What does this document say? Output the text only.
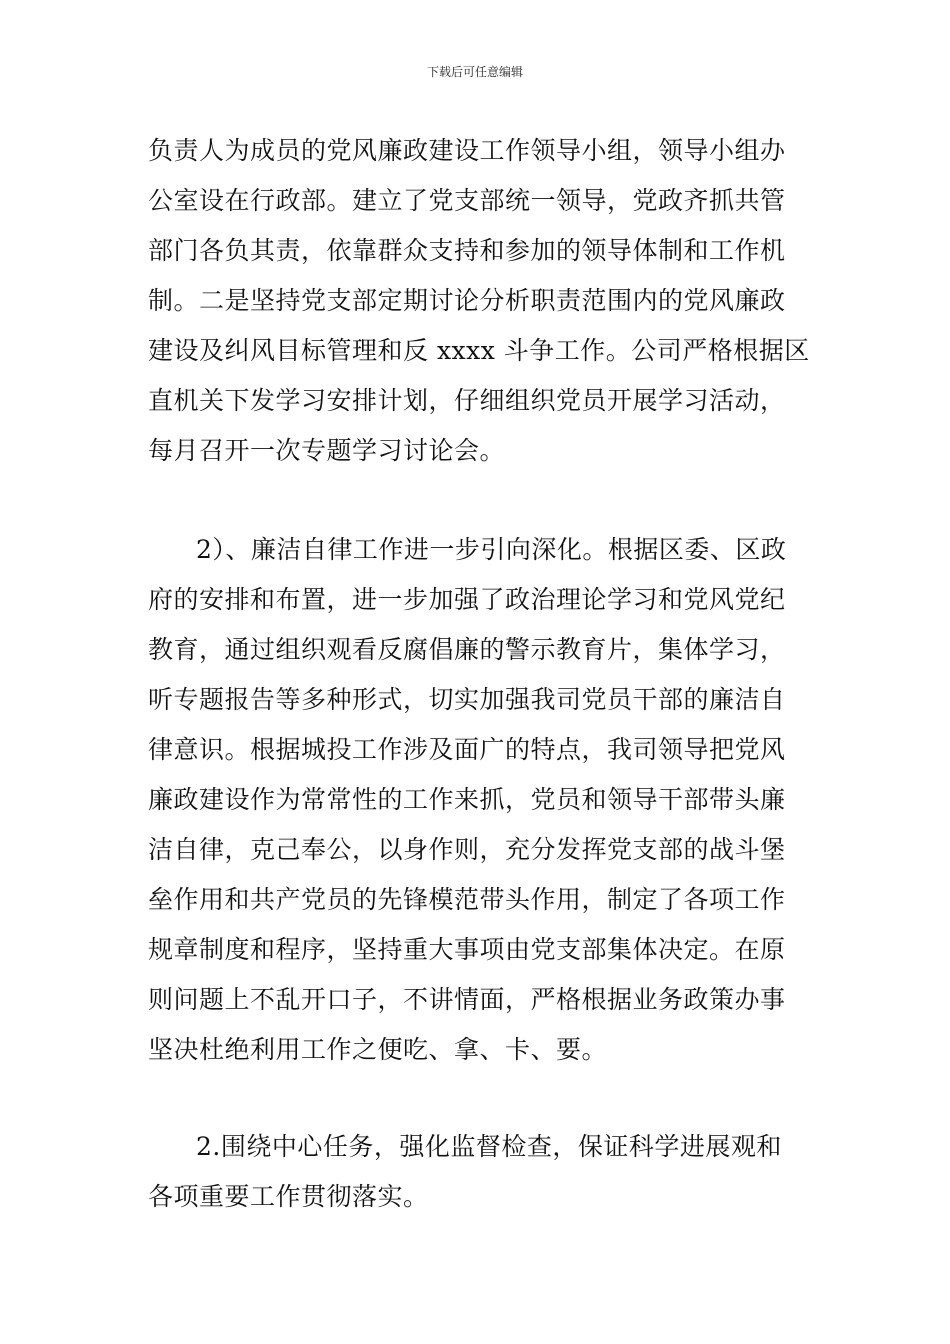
下载后可任意编辑
负责人为成员的党风廉政建设工作领导小组，领导小组办
公室设在行政部。建立了党支部统一领导，党政齐抓共管
部门各负其责，依靠群众支持和参加的领导体制和工作机
制。二是坚持党支部定期讨论分析职责范围内的党风廉政
建设及纠风目标管理和反 xxxx 斗争工作。公司严格根据区
直机关下发学习安排计划，仔细组织党员开展学习活动，
每月召开一次专题学习讨论会。
2）、廉洁自律工作进一步引向深化。根据区委、区政
府的安排和布置，进一步加强了政治理论学习和党风党纪
教育，通过组织观看反腐倡廉的警示教育片，集体学习，
听专题报告等多种形式，切实加强我司党员干部的廉洁自
律意识。根据城投工作涉及面广的特点，我司领导把党风
廉政建设作为常常性的工作来抓，党员和领导干部带头廉
洁自律，克己奉公，以身作则，充分发挥党支部的战斗堡
垒作用和共产党员的先锋模范带头作用，制定了各项工作
规章制度和程序，坚持重大事项由党支部集体决定。在原
则问题上不乱开口子，不讲情面，严格根据业务政策办事
坚决杜绝利用工作之便吃、拿、卡、要。
2.围绕中心任务，强化监督检查，保证科学进展观和
各项重要工作贯彻落实。
